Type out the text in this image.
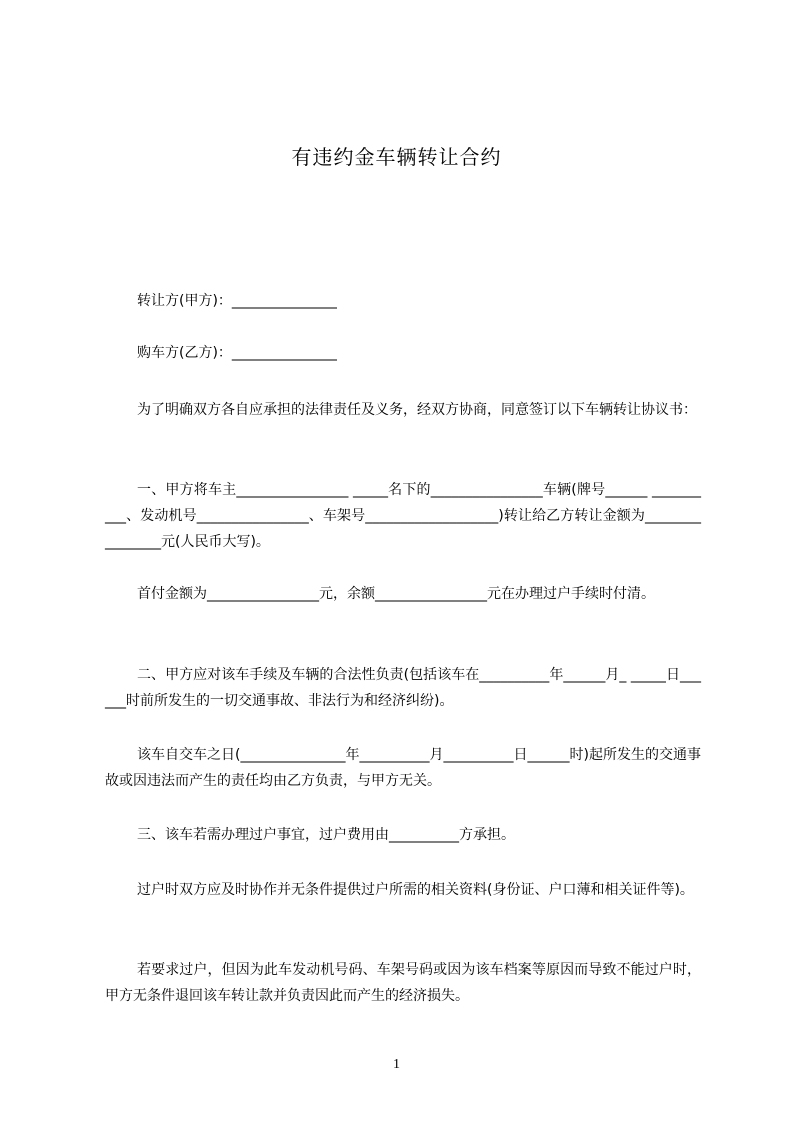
有违约金车辆转让合约
转让方(甲方)：_______________
购车方(乙方)：_______________
为了明确双方各自应承担的法律责任及义务，经双方协商，同意签订以下车辆转让协议书：
一、甲方将车主________________ _____名下的________________车辆(牌号______ __________、发动机号________________、车架号___________________)转让给乙方转让金额为________________元(人民币大写)。
首付金额为________________元，余额________________元在办理过户手续时付清。
二、甲方应对该车手续及车辆的合法性负责(包括该车在__________年______月_ _____日______时前所发生的一切交通事故、非法行为和经济纠纷)。
该车自交车之日(_______________年__________月__________日______时)起所发生的交通事故或因违法而产生的责任均由乙方负责，与甲方无关。
三、该车若需办理过户事宜，过户费用由__________方承担。
过户时双方应及时协作并无条件提供过户所需的相关资料(身份证、户口薄和相关证件等)。
若要求过户，但因为此车发动机号码、车架号码或因为该车档案等原因而导致不能过户时，甲方无条件退回该车转让款并负责因此而产生的经济损失。
1
